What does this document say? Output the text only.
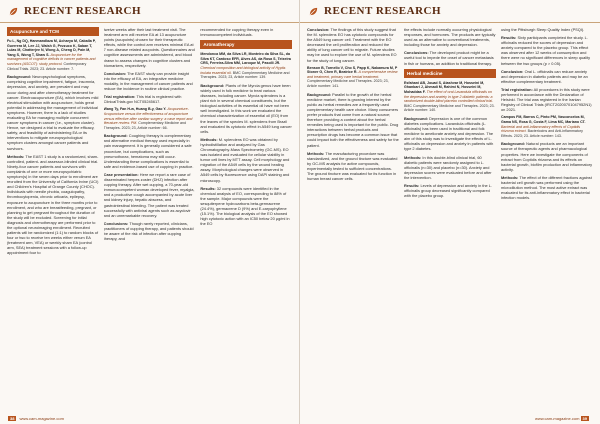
RECENT RESEARCH
Acupuncture and TCM
Fu L, Ng DQ, Hanmandlaza M, Acharya M, Caballa P, Guerrera M, Lee JJ, Walsh G, Pezzuco K, Saban T, Lulas M, Chatterjee N, Wong A, Cheng D, Pain M, Yang S, Wong T, Shaw S. Acupuncture for the management of cognitive deficits in cancer patients and survivors (ASCOT): study protocol. Contemporary Clinical Trials. 2023; 23. Article number: 7.

Background: Neuropsychological symptoms, comprising cognitive impairment, fatigue, insomnia, depression, and anxiety, are prevalent and may occur during and after chemotherapy treatment for cancer. Electroacupuncture (EA), which involves mild electrical stimulation with acupuncture, holds great potential in addressing the management of individual symptoms. However, there is a lack of studies evaluating EA for managing multiple concurrent cancer symptoms in cancer (i.e., symptom cluster). Hence, we designed a trial to evaluate the efficacy, safety, and feasibility of administering EA or its interventions to mitigate neuropsychological symptom clusters amongst cancer patients and survivors.

Methods: The EAST 1 study is a randomized, sham-controlled, patient- and assessor-blinded clinical trial. Ninety-four cancer patients and survivors with complaints of one or more neuropsychiatric symptom(s) in the seven days prior to enrollment are recruited from the University of California Irvine (UCI) and Children's Hospital of Orange County (CHOC). Individuals with needle phobia, coagulopathy, thrombocytopenia, chronic urticaria, epilepsy, exposure to acupuncture in the three months prior to enrollment, and who are breastfeeding, pregnant, or planning to get pregnant throughout the duration of the study will be excluded. Screening for initial diagnosis and chemotherapy are performed prior to the optional neuroimaging enrollment. Recruited patients will be randomized (1:1) to random blocks of four or two to receive ten weeks either verum EA (treatment arm, VEA) or weekly sham EA (control arm, SEA) treatment sessions with a follow-up appointment four to

twelve weeks after their last treatment visit. The treatment arm will receive EA at 13 acupuncture points (acupoints) chosen for their therapeutic effects, while the control arm receives minimal EA at 7 non-disease related acupoints. Questionnaires and cognitive assessments are administered, and blood drawn to assess changes in cognitive clusters and biomarkers, respectively.

Conclusion: The EAST study can provide insight into the efficacy of EA, an integrative medicine modality, in the management of cancer patients and reduce the incidence in routine clinical practice.

Trial registration: This trial is registered with ClinicalTrials.gov NCT05245617.

Wang Ty, Fan H-w, Huang B-y, Gao Y. Acupuncture-Acupuncture versus the effectiveness of acupuncture versus effective after cardiac surgery: a case report and literature review. PM. Complementary Medicine and Therapies. 2023; 23, Article number: 66.

Background: Coughing therapy is complementary and alternative medical therapy used especially in pain management. It is generally considered a safe procedure, but complications, such as pneumothorax, hematoma may still occur. Understanding these complications is essential to safe and evidence-based use of cupping in practice.

Case presentation: Here we report a rare case of disseminated herpes zoster (DHZ) infection after cupping therapy. After wet cupping, a 70-year-old immunocompetent woman developed fever, myalgia, and a productive cough accompanied by acute liver and kidney injury, hepatic abscess, and gastrointestinal bleeding. The patient was treated successfully with antiviral agents such as acyclovir and an unremarkable recovery.

Conclusions: Though rarely reported, clinicians, practitioners of cupping therapy, and patients should be aware of the risk of infection after cupping therapy, and

recommended for cupping therapy even in immunocompetent individuals.

Aromatherapy
Mendonca MM, da Silva LR, Monteiro da Silva SL, da Silva KT, Cardoso EFR, Alves AS, da Rosa S, Teixeira CRS, Ferreira-Silva MM, Laroque M, Pasolli JR. Chemical composition and biological activity of Hyptis inulata essential oil. BMC Complementary Medicine and Therapies. 2023; 23, Article number: 139.

Background: Plants of the Myrcia genus have been widely used in folk medicine to treat various diseases, including cancer. Myrcia splendens is a plant rich in several chemical constituents, but the biological activities of its essential oil have not been well investigated. In this work we evaluated the chemical characterization of essential oil (EO) from the leaves of the species M. splendens from Brazil and evaluated its cytotoxic effect in A549 lung cancer cells.

Methods: M. splendens EO was obtained by hydrodistillation and analyzed by Gas Chromatography-Mass Spectrometry (GC-MS). EO was isolated and evaluated for cellular viability in tumor cell lines by MTT assay. Cell morphology and migration of the A549 cells by the wound healing assay. Morphological changes were observed in A549 cells by fluorescence using DAPI staining and microscopy.

Results: 32 compounds were identified in the chemical analysis of EO, corresponding to 88% of the sample. Major compounds were the sesquiterpene hydrocarbons beta-germacrene (24.4%), germacrene D (9%) and E-caryophyllene (15.1%). The biological analysis of the EO showed high cytotoxic action with an IC50 below 20 μg/ml in the EO

38 www.cam-magazine.com
RECENT RESEARCH

Conclusion: The findings of this study suggest that the M. splendens EO has cytotoxic compounds for the A549 lung cancer cell. Treatment with the EO decreased the cell proliferation and reduced the ability of lung cancer cell to migrate. Future studies may be used to explore the use of M. splendens EO for the study of lung cancer.

Benson B, Tornello V, Cho S, Papp K, Nakamura M, P Stoner G, Chen R, Beatrice R. A comprehensive review and treatment, primary care herbal treatment. Complementary Medicine and Therapies. 2023; 23, Article number: 141.

Background: Parallel to the growth of the herbal medicine market, there is growing interest by the public as herbal remedies are a frequently used complementary health care choice. Many consumers prefer products that come from a natural source; therefore providing a context about the herbal remedies being used is important for the public. Drug interactions between herbal products and prescription drugs has become a common issue that could impact both the effectiveness and safety for the patient.

Methods: The manufacturing procedure was standardized, and the ground tincture was evaluated by GC-MS analysis for active compounds, experimentally tested to sufficient concentrations. The ground tincture was evaluated for its function in human breast cancer cells.

the effects include normally occurring physiological responses, and hormones. The products are typically used as an alternative to conventional treatments, including those for anxiety and depression.

Conclusions: The developed product might be a useful tool to impede the onset of cancer metastasis in fish or humans, an addition to traditional therapy.

Herbal medicine
Esfahani AB, Jouad S, Atashvar M, Hosseini M, Ghanbari J, Ahmadi M, Rahimi N, Hosseini M, Mohaddas F. The effect of oral Lavandula officinalis on the depression and anxiety in type 2 diabetic patients: a randomized double-blind placebo controlled clinical trial. BMC Complementary Medicine and Therapies. 2023; 23. Article number: 140.

Background: Depression is one of the common diabetes complications. Lavandula officinalis (L. officinalis) has been used in traditional and folk medicine to ameliorate anxiety and depression. The aim of this study was to investigate the effects of L. officinalis on depression and anxiety in patients with type 2 diabetes.

Methods: In this double-blind clinical trial, 60 diabetic patients were randomly assigned to L. officinalis (n=30) and placebo (n=30). Anxiety and depression scores were evaluated before and after the intervention.

Results: Levels of depression and anxiety in the L. officinalis group decreased significantly compared with the placebo group.

using the Pittsburgh Sleep Quality Index (PSQI).

Results: Sixty participants completed the study. L. officinalis reduced the scores of depression and anxiety compared to the placebo group. This effect was observed after 12 weeks of consumption and there were no significant differences in sleep quality between the two groups (p > 0.05).

Conclusion: Oral L. officinalis can reduce anxiety and depression in diabetic patients and may be an effective complementary treatment.

Trial registration: All procedures in this study were performed in accordance with the Declaration of Helsinki. The trial was registered in the Iranian Registry of Clinical Trials (IRCT20200701047952N1) on 2021.

Campos FM, Barros C, Pinto PM, Vasconcelos M, Gama NS, Rosa G, Costa F, Lima MC, Mariano CT. Bacterial and anti-inflammatory effects of Coptidis rhizoma extract. Bacteriocins and Anti-inflammatory Effects. 2023; 23. Article number: 143.

Background: Natural products are an important source of therapeutic agents and pharmacological properties. Here we investigate the components of extract from Coptidis rhizoma and its effects on bacterial growth, biofilm production and inflammatory activity.

Methods: The effect of the different fractions against bacterial cell growth was performed using the microdilution method. The most active extract was evaluated for its anti-inflammatory effect in bacterial infection models.

www.cam-magazine.com 39
